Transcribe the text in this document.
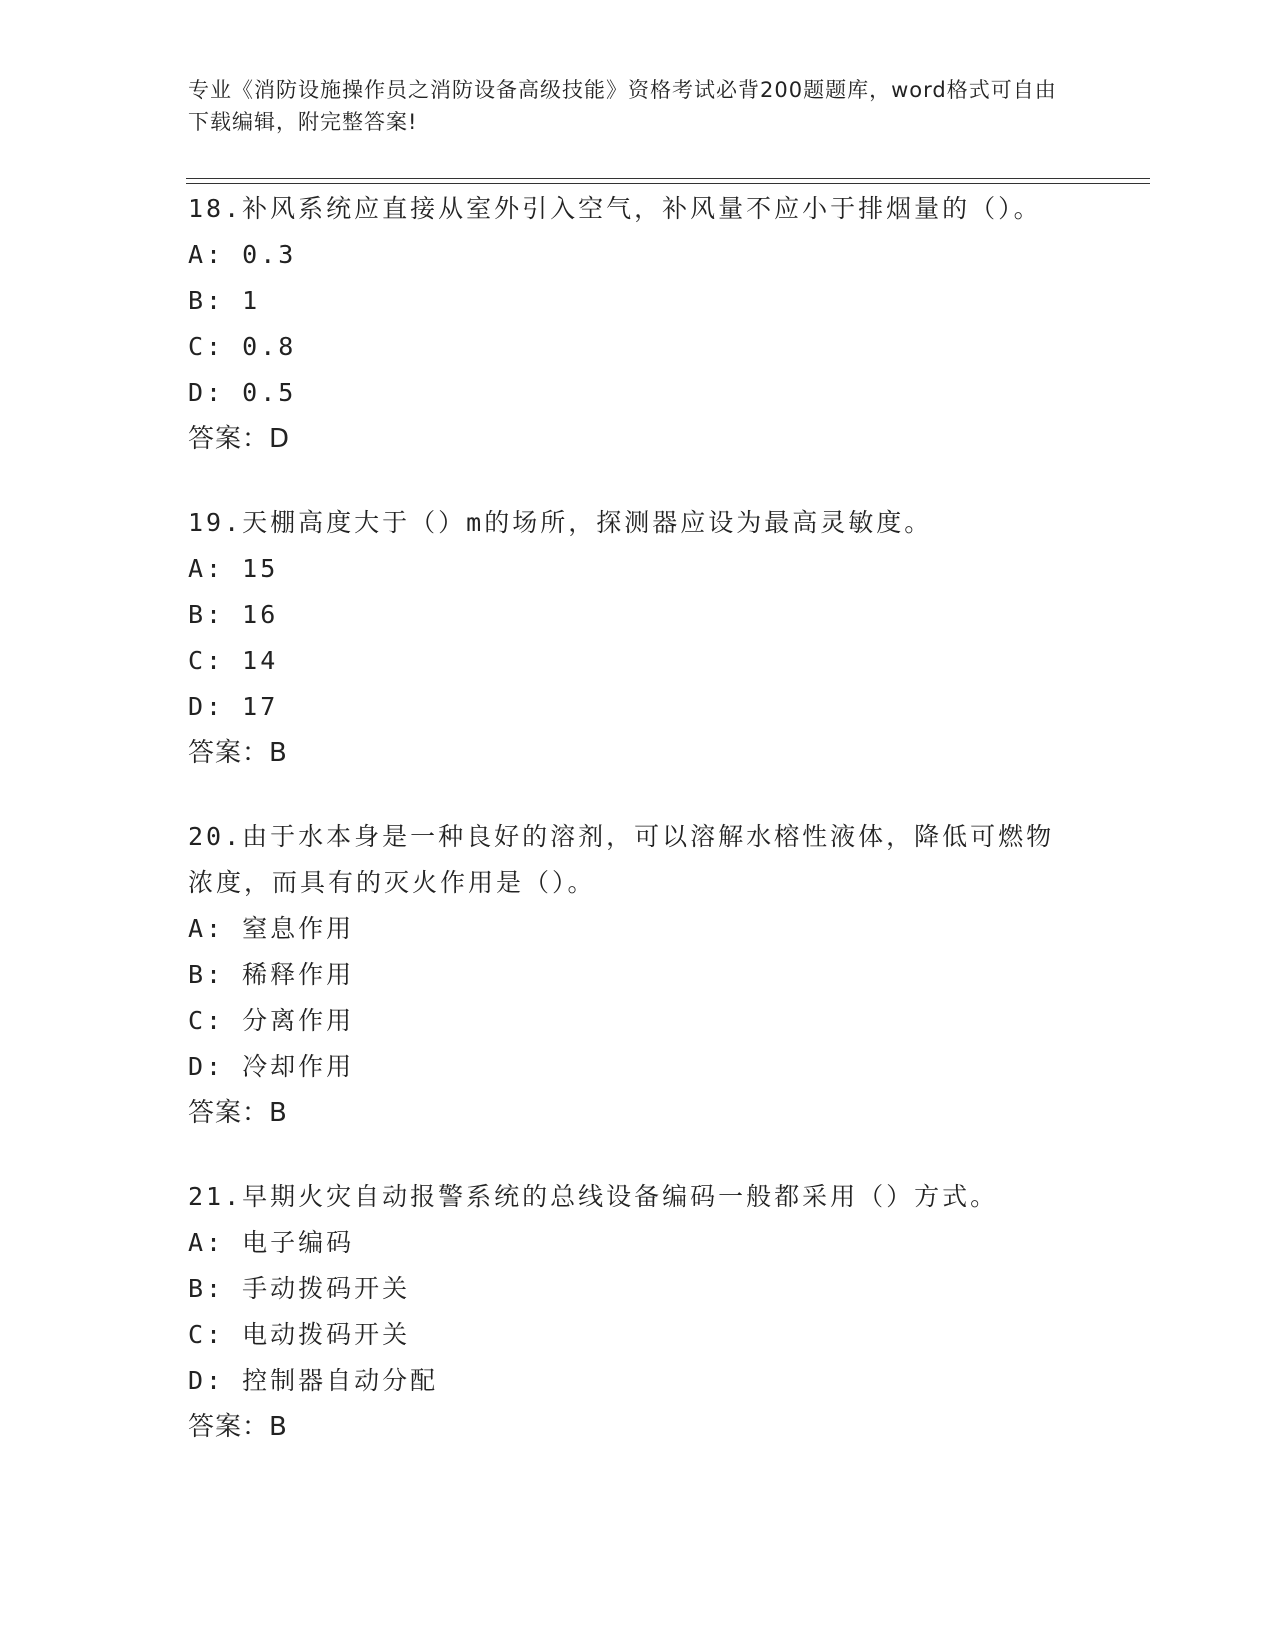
专业《消防设施操作员之消防设备高级技能》资格考试必背200题题库，word格式可自由下载编辑，附完整答案!
18.补风系统应直接从室外引入空气，补风量不应小于排烟量的（）。
A: 0.3
B: 1
C: 0.8
D: 0.5
答案：D
19.天棚高度大于（）m的场所，探测器应设为最高灵敏度。
A: 15
B: 16
C: 14
D: 17
答案：B
20.由于水本身是一种良好的溶剂，可以溶解水榕性液体，降低可燃物浓度，而具有的灭火作用是（）。
A: 窒息作用
B: 稀释作用
C: 分离作用
D: 冷却作用
答案：B
21.早期火灾自动报警系统的总线设备编码一般都采用（）方式。
A: 电子编码
B: 手动拨码开关
C: 电动拨码开关
D: 控制器自动分配
答案：B
